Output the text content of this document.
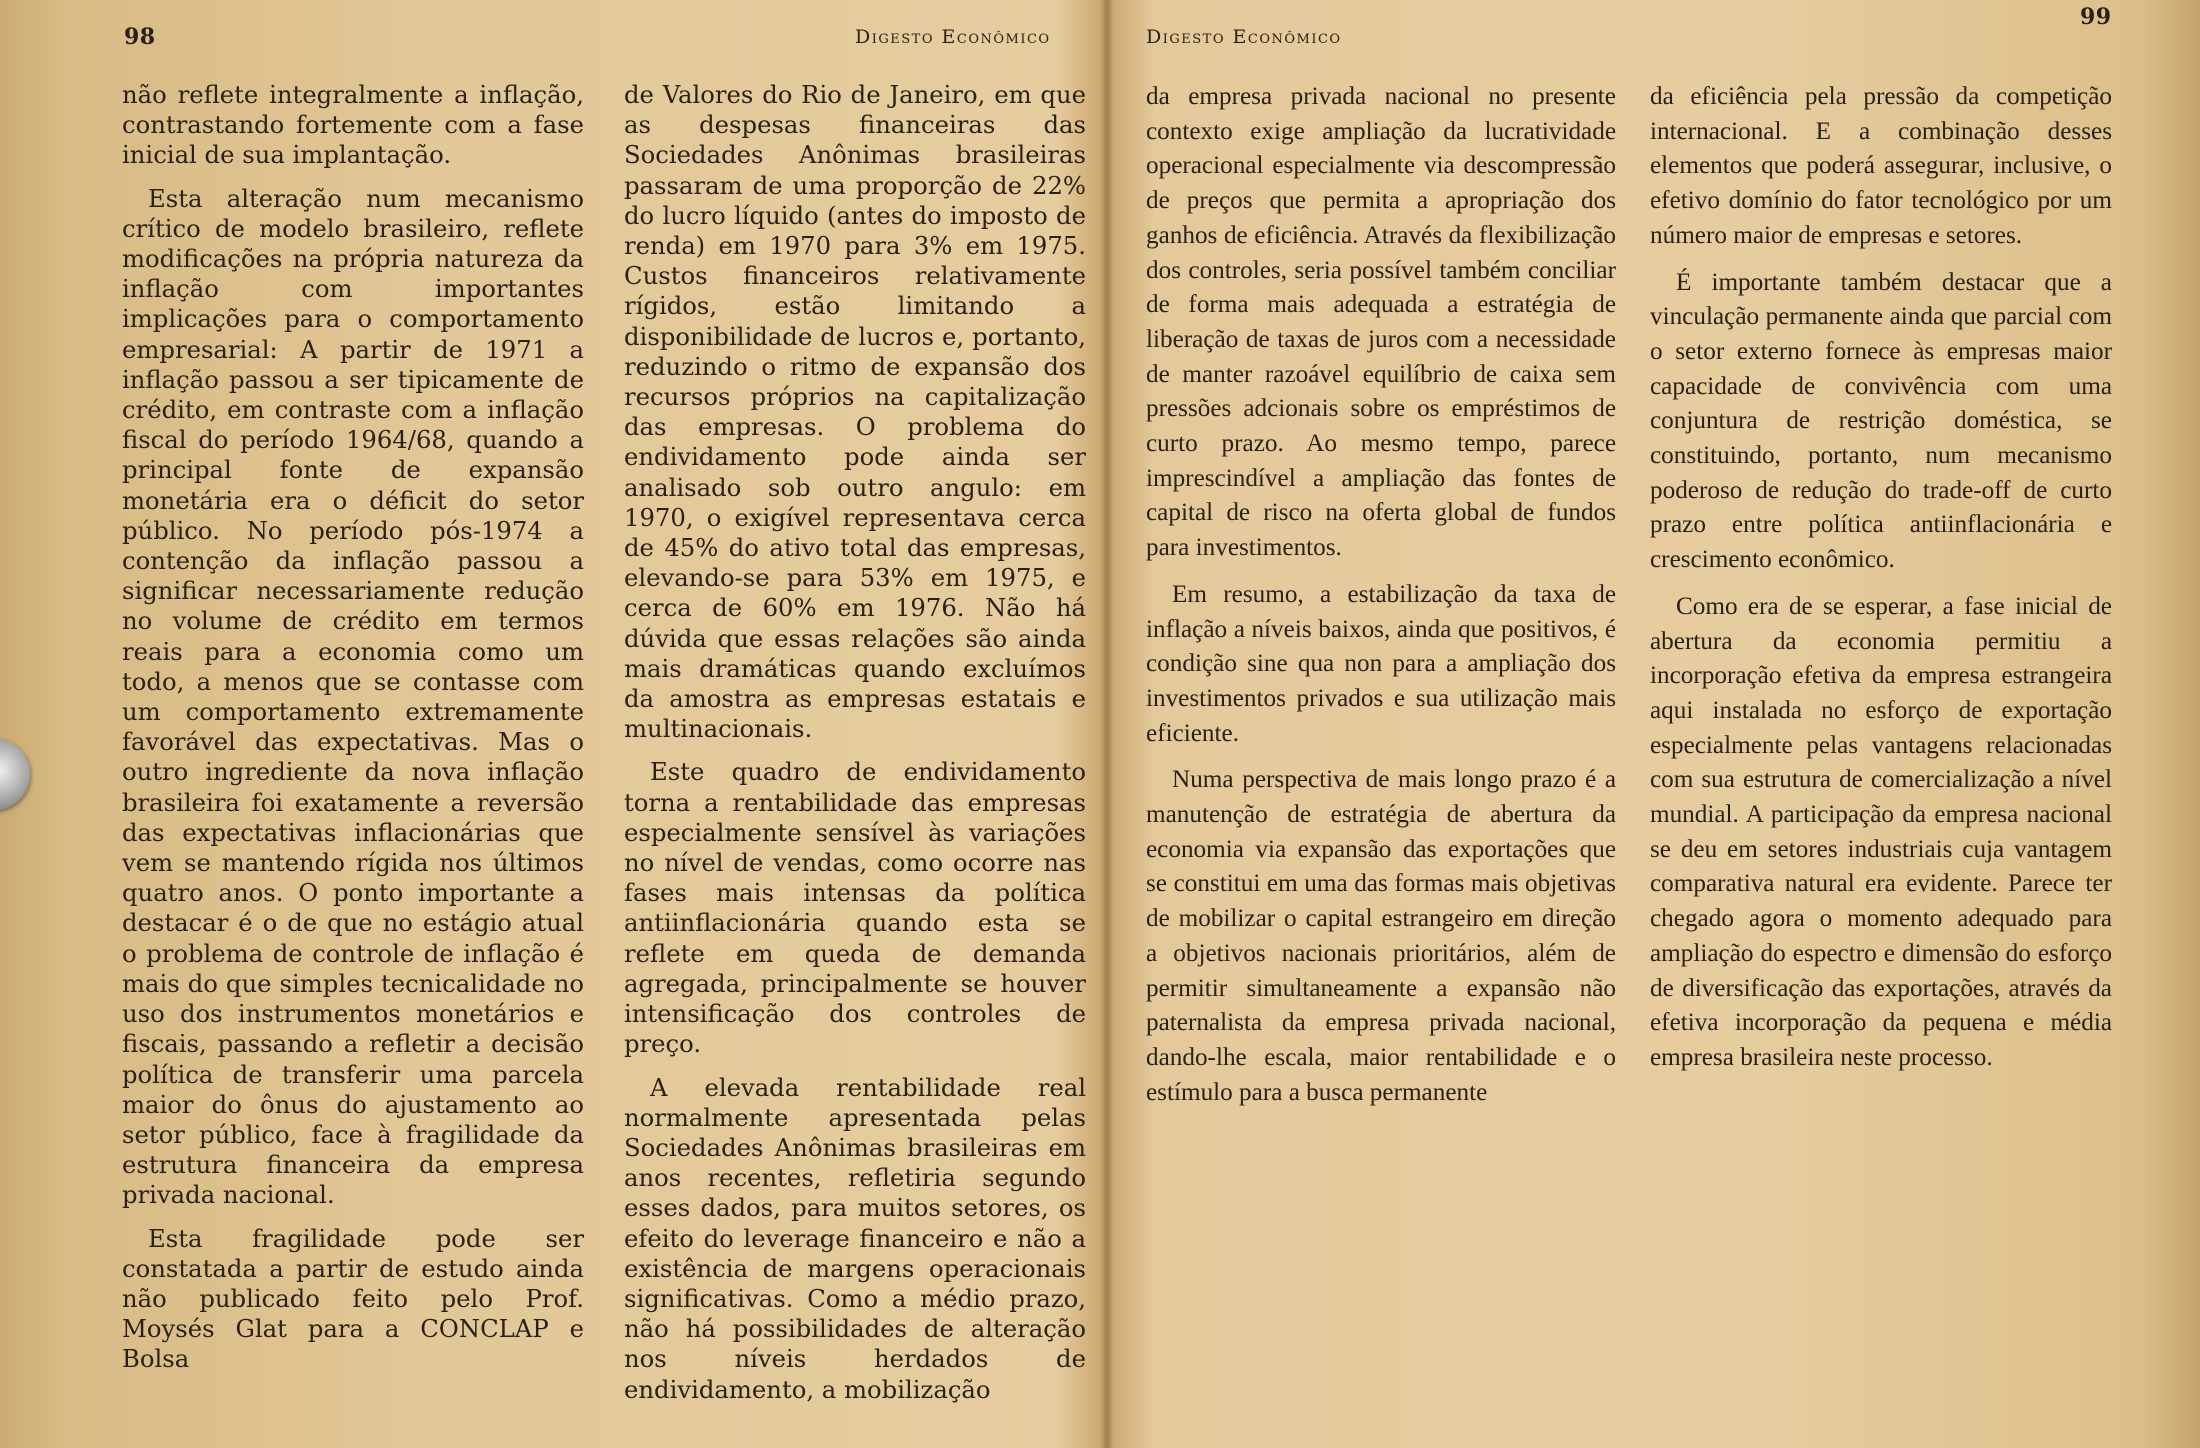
98	Digesto Econômico

não reflete integralmente a inflação, contrastando fortemente com a fase inicial de sua implantação.

Esta alteração num mecanismo crítico de modelo brasileiro, reflete modificações na própria natureza da inflação com importantes implicações para o comportamento empresarial: A partir de 1971 a inflação passou a ser tipicamente de crédito, em contraste com a inflação fiscal do período 1964/68, quando a principal fonte de expansão monetária era o déficit do setor público. No período pós-1974 a contenção da inflação passou a significar necessariamente redução no volume de crédito em termos reais para a economia como um todo, a menos que se contasse com um comportamento extremamente favorável das expectativas. Mas o outro ingrediente da nova inflação brasileira foi exatamente a reversão das expectativas inflacionárias que vem se mantendo rígida nos últimos quatro anos. O ponto importante a destacar é o de que no estágio atual o problema de controle de inflação é mais do que simples tecnicalidade no uso dos instrumentos monetários e fiscais, passando a refletir a decisão política de transferir uma parcela maior do ônus do ajustamento ao setor público, face à fragilidade da estrutura financeira da empresa privada nacional.

Esta fragilidade pode ser constatada a partir de estudo ainda não publicado feito pelo Prof. Moysés Glat para a CONCLAP e Bolsa

de Valores do Rio de Janeiro, em que as despesas financeiras das Sociedades Anônimas brasileiras passaram de uma proporção de 22% do lucro líquido (antes do imposto de renda) em 1970 para 3% em 1975. Custos financeiros relativamente rígidos, estão limitando a disponibilidade de lucros e, portanto, reduzindo o ritmo de expansão dos recursos próprios na capitalização das empresas. O problema do endividamento pode ainda ser analisado sob outro angulo: em 1970, o exigível representava cerca de 45% do ativo total das empresas, elevando-se para 53% em 1975, e cerca de 60% em 1976. Não há dúvida que essas relações são ainda mais dramáticas quando excluímos da amostra as empresas estatais e multinacionais.

Este quadro de endividamento torna a rentabilidade das empresas especialmente sensível às variações no nível de vendas, como ocorre nas fases mais intensas da política antiinflacionária quando esta se reflete em queda de demanda agregada, principalmente se houver intensificação dos controles de preço.

A elevada rentabilidade real normalmente apresentada pelas Sociedades Anônimas brasileiras em anos recentes, refletiria segundo esses dados, para muitos setores, os efeito do leverage financeiro e não a existência de margens operacionais significativas. Como a médio prazo, não há possibilidades de alteração nos níveis herdados de endividamento, a mobilização

Digesto Econômico
99

da empresa privada nacional no presente contexto exige ampliação da lucratividade operacional especialmente via descompressão de preços que permita a apropriação dos ganhos de eficiência. Através da flexibilização dos controles, seria possível também conciliar de forma mais adequada a estratégia de liberação de taxas de juros com a necessidade de manter razoável equilíbrio de caixa sem pressões adcionais sobre os empréstimos de curto prazo. Ao mesmo tempo, parece imprescindível a ampliação das fontes de capital de risco na oferta global de fundos para investimentos.

Em resumo, a estabilização da taxa de inflação a níveis baixos, ainda que positivos, é condição sine qua non para a ampliação dos investimentos privados e sua utilização mais eficiente.

Numa perspectiva de mais longo prazo é a manutenção de estratégia de abertura da economia via expansão das exportações que se constitui em uma das formas mais objetivas de mobilizar o capital estrangeiro em direção a objetivos nacionais prioritários, além de permitir simultaneamente a expansão não paternalista da empresa privada nacional, dando-lhe escala, maior rentabilidade e o estímulo para a busca permanente

da eficiência pela pressão da competição internacional. E a combinação desses elementos que poderá assegurar, inclusive, o efetivo domínio do fator tecnológico por um número maior de empresas e setores.

É importante também destacar que a vinculação permanente ainda que parcial com o setor externo fornece às empresas maior capacidade de convivência com uma conjuntura de restrição doméstica, se constituindo, portanto, num mecanismo poderoso de redução do trade-off de curto prazo entre política antiinflacionária e crescimento econômico.

Como era de se esperar, a fase inicial de abertura da economia permitiu a incorporação efetiva da empresa estrangeira aqui instalada no esforço de exportação especialmente pelas vantagens relacionadas com sua estrutura de comercialização a nível mundial. A participação da empresa nacional se deu em setores industriais cuja vantagem comparativa natural era evidente. Parece ter chegado agora o momento adequado para ampliação do espectro e dimensão do esforço de diversificação das exportações, através da efetiva incorporação da pequena e média empresa brasileira neste processo.
